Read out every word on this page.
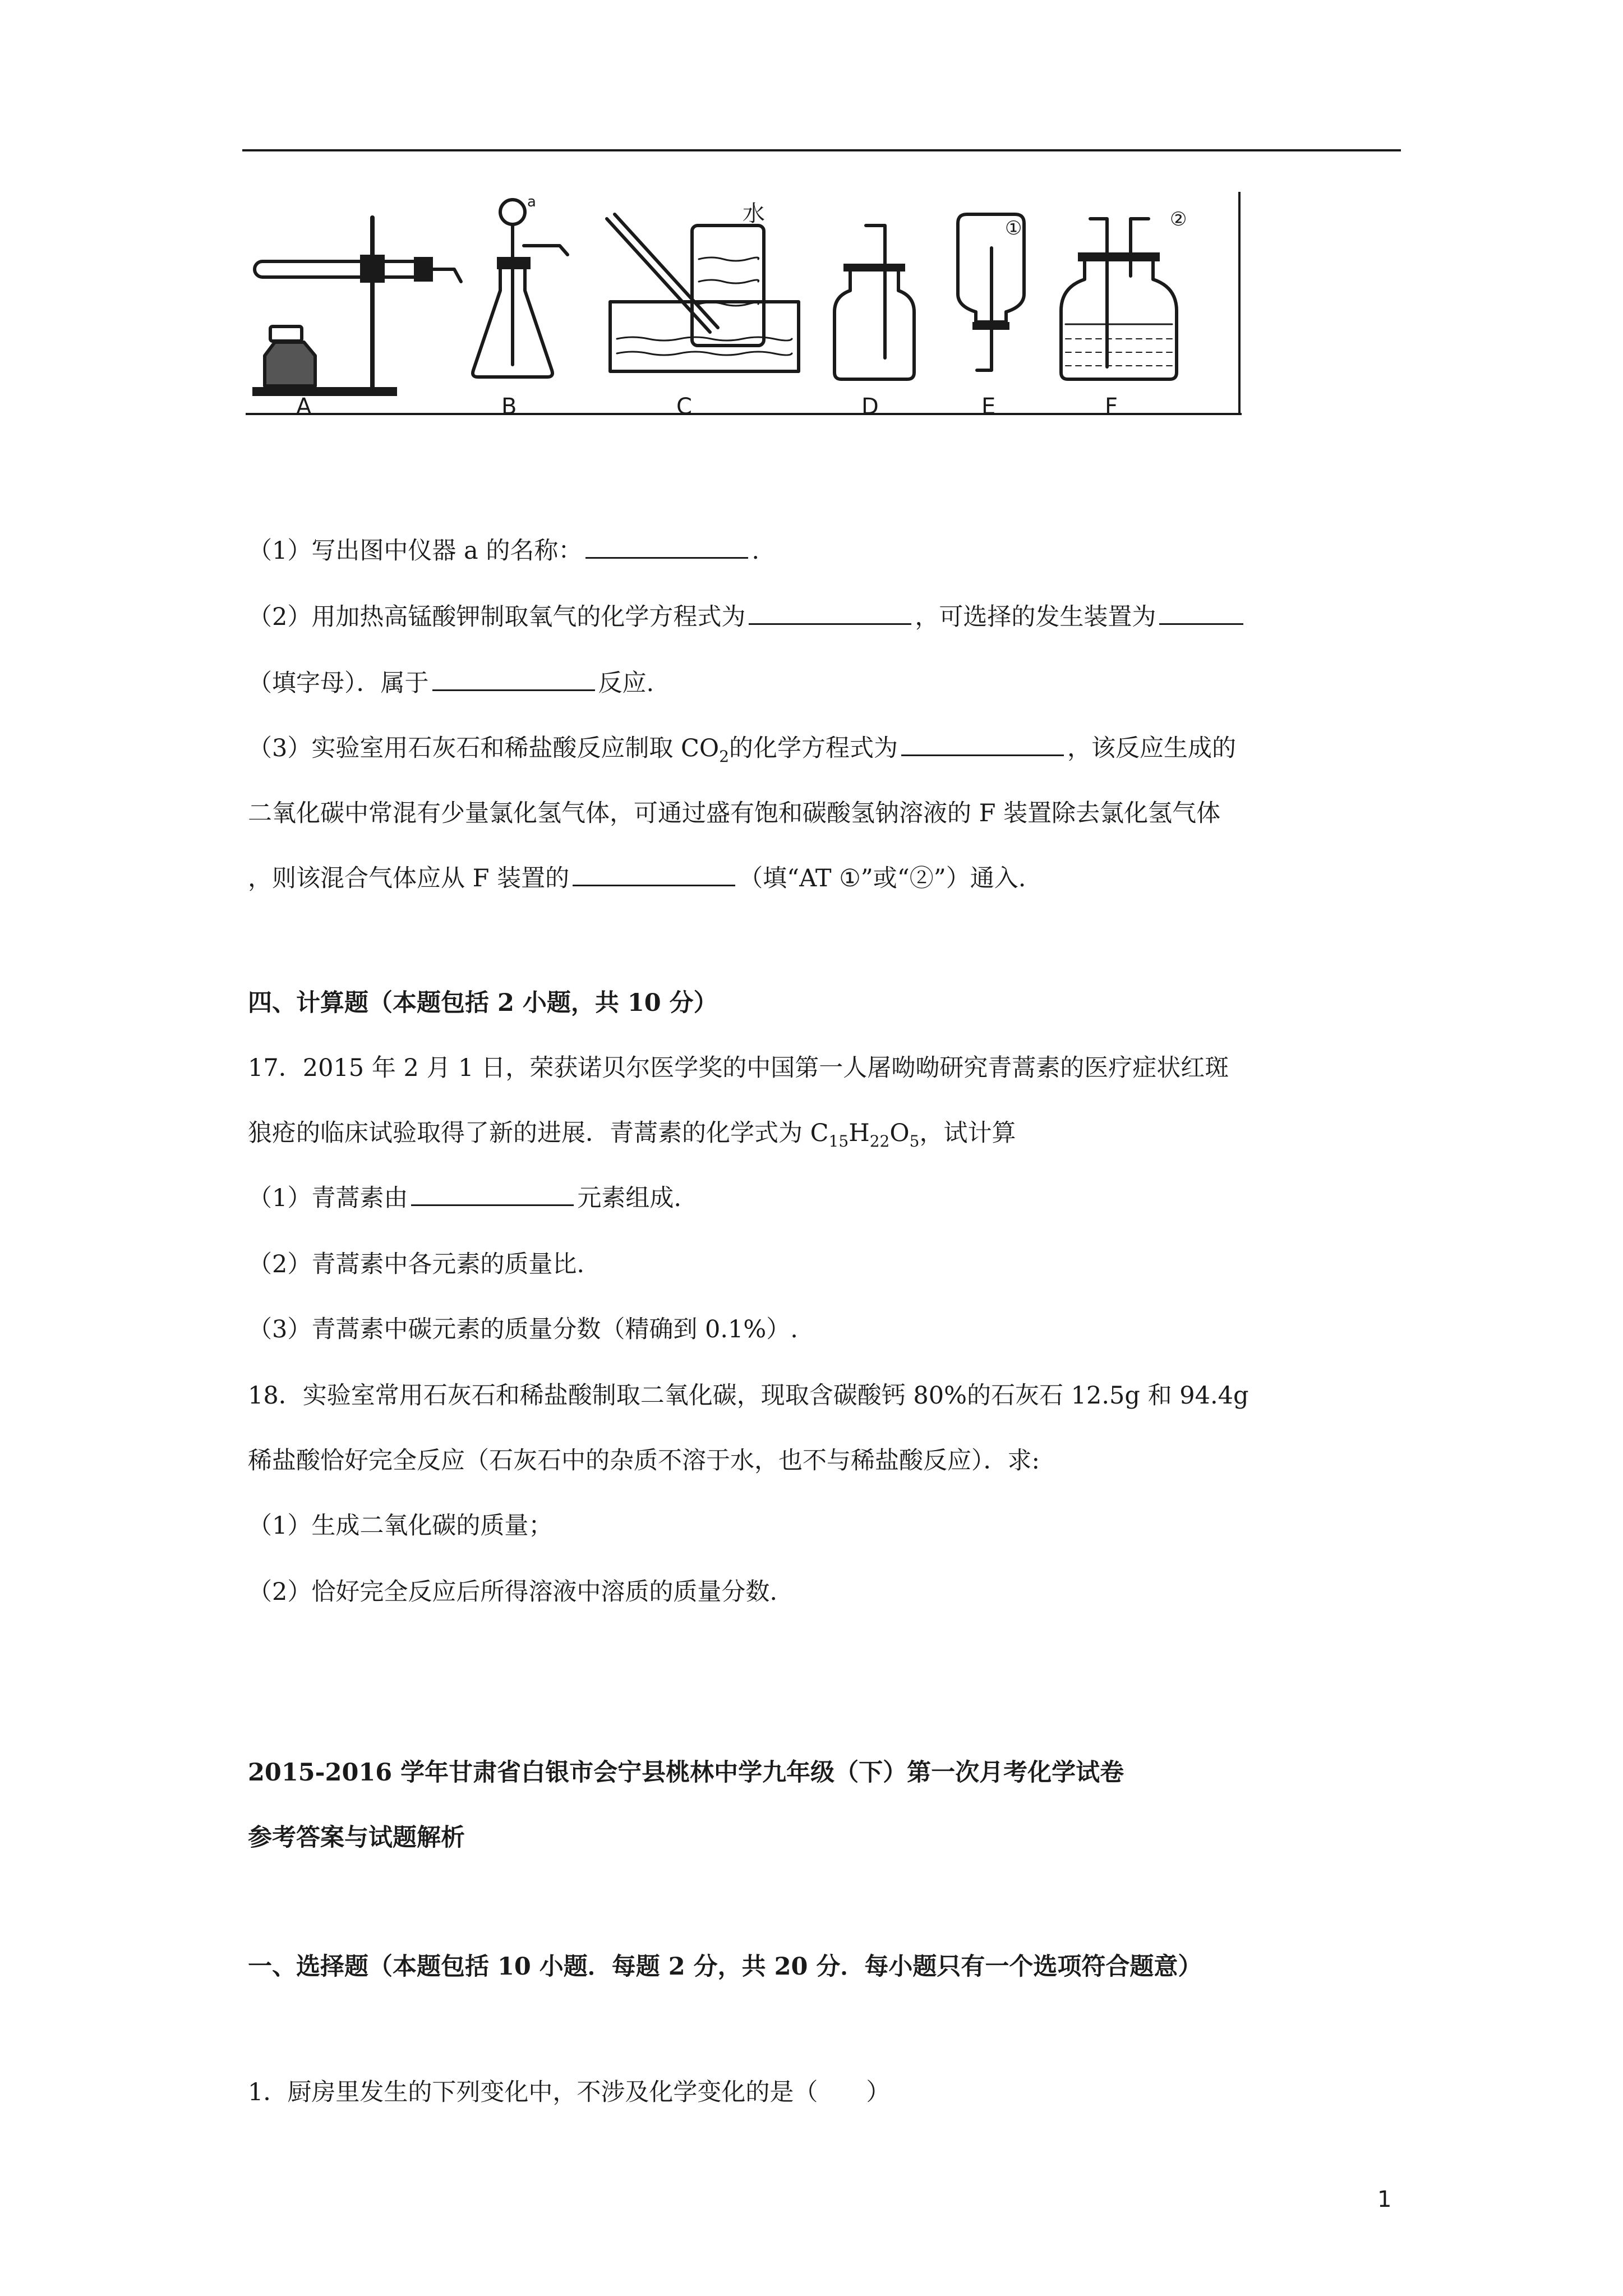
A
a
B
水
C	D
①
E
②
F
（1）写出图中仪器 a 的名称：	.
（2）用加热高锰酸钾制取氧气的化学方程式为	，可选择的发生装置为
（填字母）．属于	反应.
（3）实验室用石灰石和稀盐酸反应制取 $CO_2$的化学方程式为	，该反应生成的
二氧化碳中常混有少量氯化氢气体，可通过盛有饱和碳酸氢钠溶液的 F 装置除去氯化氢气体
，则该混合气体应从 F 装置的	（填“AT ①”或“②”）通入.
四、计算题（本题包括 2 小题，共 10 分）
17．2015 年 2 月 1 日，荣获诺贝尔医学奖的中国第一人屠呦呦研究青蒿素的医疗症状红斑
狼疮的临床试验取得了新的进展．青蒿素的化学式为 $C_{15}H_{22}O_5$，试计算
（1）青蒿素由	元素组成.
（2）青蒿素中各元素的质量比.
（3）青蒿素中碳元素的质量分数（精确到 0.1%）.
18．实验室常用石灰石和稀盐酸制取二氧化碳，现取含碳酸钙 80%的石灰石 12.5g 和 94.4g
稀盐酸恰好完全反应（石灰石中的杂质不溶于水，也不与稀盐酸反应）．求:
（1）生成二氧化碳的质量；
（2）恰好完全反应后所得溶液中溶质的质量分数.
2015-2016 学年甘肃省白银市会宁县桃林中学九年级（下）第一次月考化学试卷
参考答案与试题解析
一、选择题（本题包括 10 小题．每题 2 分，共 20 分．每小题只有一个选项符合题意）
1．厨房里发生的下列变化中，不涉及化学变化的是（　　）
1
